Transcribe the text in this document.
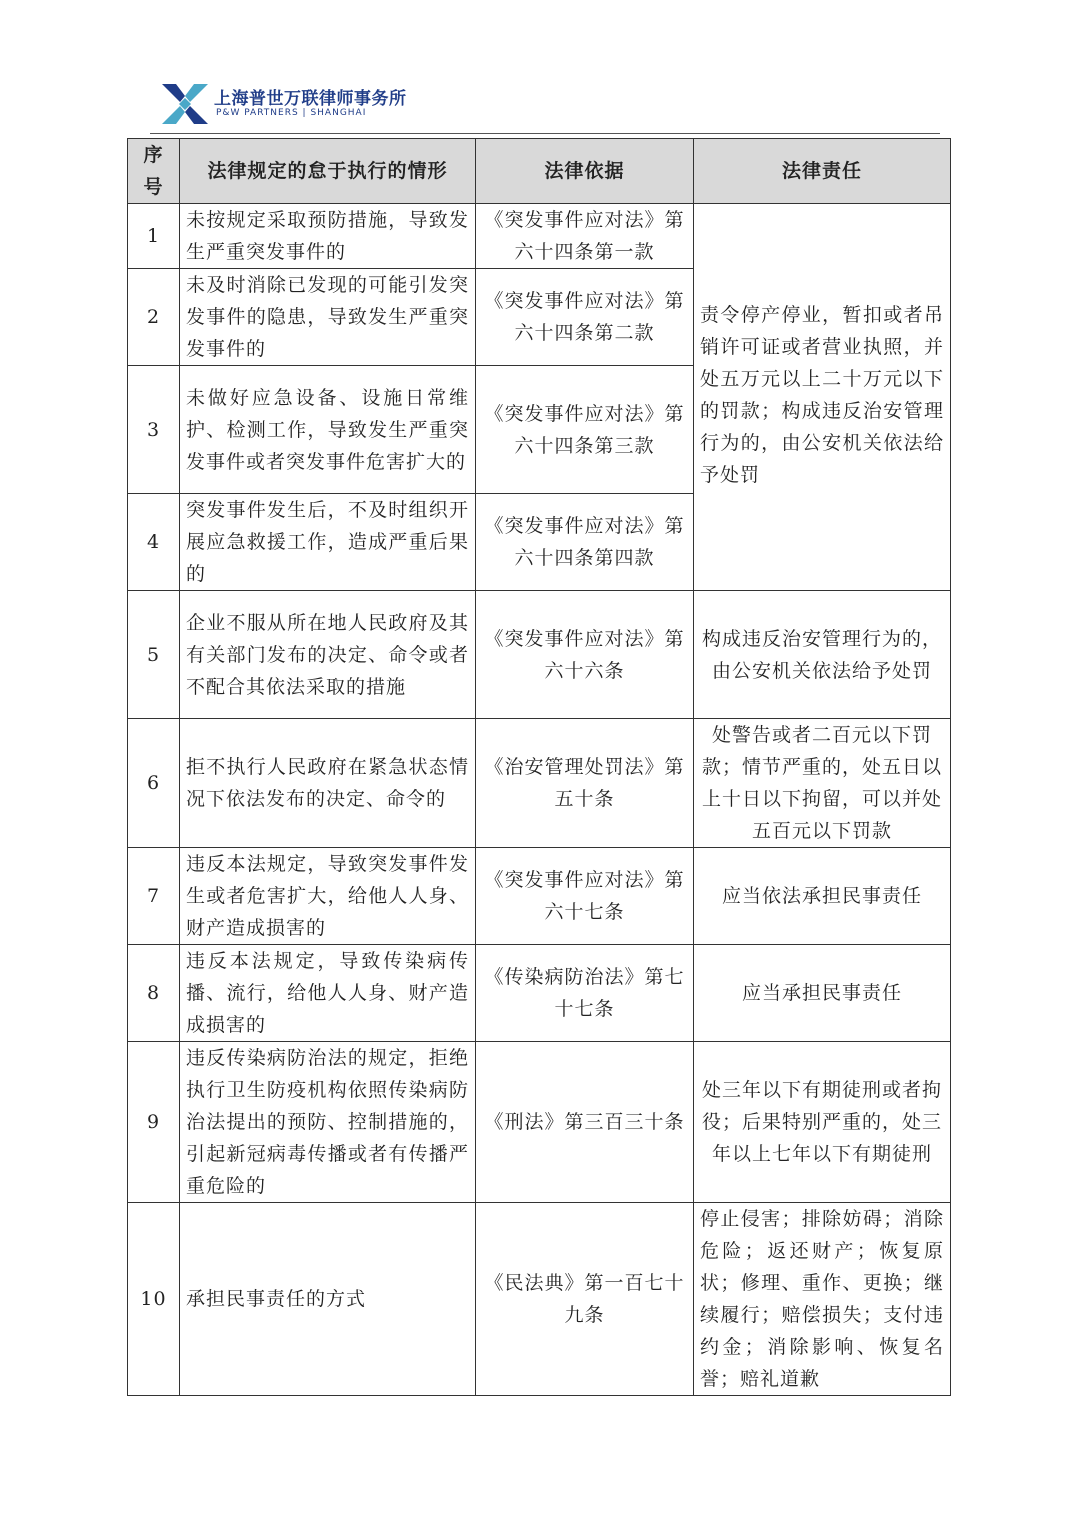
上海普世万联律师事务所
P&W PARTNERS | SHANGHAI
序号	法律规定的怠于执行的情形	法律依据	法律责任
1	未按规定采取预防措施，导致发生严重突发事件的	《突发事件应对法》第六十四条第一款	责令停产停业，暂扣或者吊销许可证或者营业执照，并处五万元以上二十万元以下的罚款；构成违反治安管理行为的，由公安机关依法给予处罚
2	未及时消除已发现的可能引发突发事件的隐患，导致发生严重突发事件的	《突发事件应对法》第六十四条第二款	
3	未做好应急设备、设施日常维护、检测工作，导致发生严重突发事件或者突发事件危害扩大的	《突发事件应对法》第六十四条第三款	
4	突发事件发生后，不及时组织开展应急救援工作，造成严重后果的	《突发事件应对法》第六十四条第四款	
5	企业不服从所在地人民政府及其有关部门发布的决定、命令或者不配合其依法采取的措施	《突发事件应对法》第六十六条	构成违反治安管理行为的，由公安机关依法给予处罚
6	拒不执行人民政府在紧急状态情况下依法发布的决定、命令的	《治安管理处罚法》第五十条	处警告或者二百元以下罚款；情节严重的，处五日以上十日以下拘留，可以并处五百元以下罚款
7	违反本法规定，导致突发事件发生或者危害扩大，给他人人身、财产造成损害的	《突发事件应对法》第六十七条	应当依法承担民事责任
8	违反本法规定，导致传染病传播、流行，给他人人身、财产造成损害的	《传染病防治法》第七十七条	应当承担民事责任
9	违反传染病防治法的规定，拒绝执行卫生防疫机构依照传染病防治法提出的预防、控制措施的，引起新冠病毒传播或者有传播严重危险的	《刑法》第三百三十条	处三年以下有期徒刑或者拘役；后果特别严重的，处三年以上七年以下有期徒刑
10	承担民事责任的方式	《民法典》第一百七十九条	停止侵害；排除妨碍；消除危险；返还财产；恢复原状；修理、重作、更换；继续履行；赔偿损失；支付违约金；消除影响、恢复名誉；赔礼道歉
